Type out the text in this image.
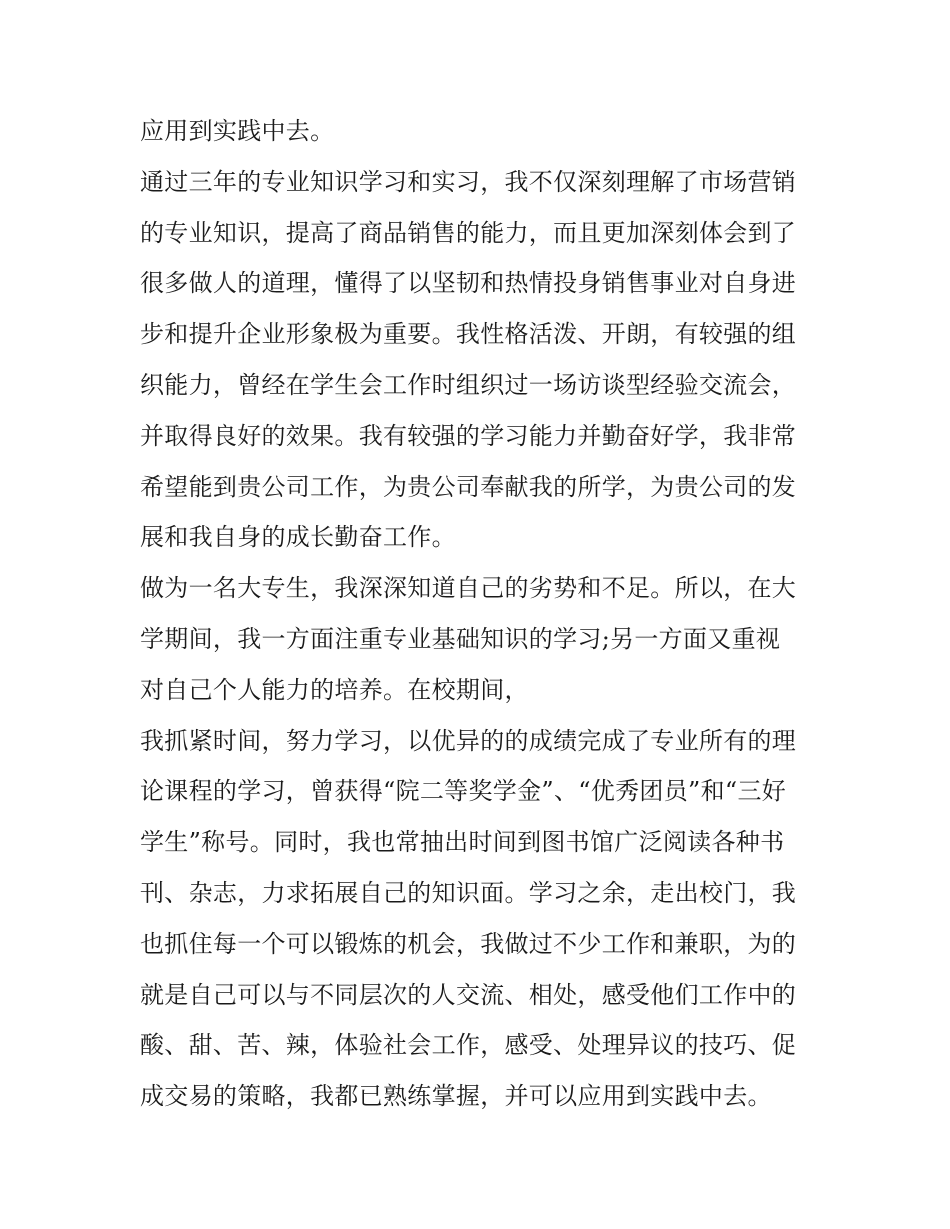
应用到实践中去。
通过三年的专业知识学习和实习，我不仅深刻理解了市场营销
的专业知识，提高了商品销售的能力，而且更加深刻体会到了
很多做人的道理，懂得了以坚韧和热情投身销售事业对自身进
步和提升企业形象极为重要。我性格活泼、开朗，有较强的组
织能力，曾经在学生会工作时组织过一场访谈型经验交流会，
并取得良好的效果。我有较强的学习能力并勤奋好学，我非常
希望能到贵公司工作，为贵公司奉献我的所学，为贵公司的发
展和我自身的成长勤奋工作。
做为一名大专生，我深深知道自己的劣势和不足。所以，在大
学期间，我一方面注重专业基础知识的学习;另一方面又重视
对自己个人能力的培养。在校期间，
我抓紧时间，努力学习，以优异的的成绩完成了专业所有的理
论课程的学习，曾获得“院二等奖学金”、“优秀团员”和“三好
学生”称号。同时，我也常抽出时间到图书馆广泛阅读各种书
刊、杂志，力求拓展自己的知识面。学习之余，走出校门，我
也抓住每一个可以锻炼的机会，我做过不少工作和兼职，为的
就是自己可以与不同层次的人交流、相处，感受他们工作中的
酸、甜、苦、辣，体验社会工作，感受、处理异议的技巧、促
成交易的策略，我都已熟练掌握，并可以应用到实践中去。
